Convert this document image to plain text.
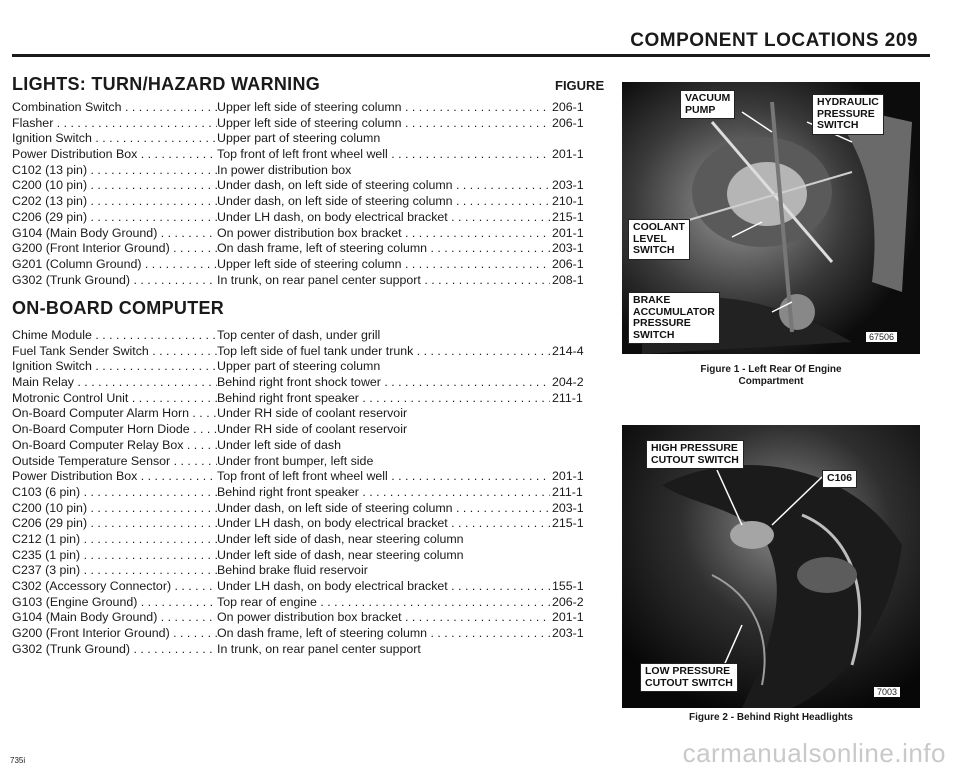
COMPONENT LOCATIONS 209
LIGHTS: TURN/HAZARD WARNING	FIGURE
Combination Switch . . .	Upper left side of steering column . . .	206-1
Flasher . . .	Upper left side of steering column . . .	206-1
Ignition Switch . . .	Upper part of steering column
Power Distribution Box . . .	Top front of left front wheel well . . .	201-1
C102 (13 pin) . . .	In power distribution box
C200 (10 pin) . . .	Under dash, on left side of steering column . . .	203-1
C202 (13 pin) . . .	Under dash, on left side of steering column . . .	210-1
C206 (29 pin) . . .	Under LH dash, on body electrical bracket . . .	215-1
G104 (Main Body Ground) . . .	On power distribution box bracket . . .	201-1
G200 (Front Interior Ground) . . .	On dash frame, left of steering column . . .	203-1
G201 (Column Ground) . . .	Upper left side of steering column . . .	206-1
G302 (Trunk Ground) . . .	In trunk, on rear panel center support . . .	208-1
ON-BOARD COMPUTER
Chime Module . . .	Top center of dash, under grill
Fuel Tank Sender Switch . . .	Top left side of fuel tank under trunk . . .	214-4
Ignition Switch . . .	Upper part of steering column
Main Relay . . .	Behind right front shock tower . . .	204-2
Motronic Control Unit . . .	Behind right front speaker . . .	211-1
On-Board Computer Alarm Horn . . .	Under RH side of coolant reservoir
On-Board Computer Horn Diode . . .	Under RH side of coolant reservoir
On-Board Computer Relay Box . . .	Under left side of dash
Outside Temperature Sensor . . .	Under front bumper, left side
Power Distribution Box . . .	Top front of left front wheel well . . .	201-1
C103 (6 pin) . . .	Behind right front speaker . . .	211-1
C200 (10 pin) . . .	Under dash, on left side of steering column . . .	203-1
C206 (29 pin) . . .	Under LH dash, on body electrical bracket . . .	215-1
C212 (1 pin) . . .	Under left side of dash, near steering column
C235 (1 pin) . . .	Under left side of dash, near steering column
C237 (3 pin) . . .	Behind brake fluid reservoir
C302 (Accessory Connector) . . .	Under LH dash, on body electrical bracket . . .	155-1
G103 (Engine Ground) . . .	Top rear of engine . . .	206-2
G104 (Main Body Ground) . . .	On power distribution box bracket . . .	201-1
G200 (Front Interior Ground) . . .	On dash frame, left of steering column . . .	203-1
G302 (Trunk Ground) . . .	In trunk, on rear panel center support
VACUUM
PUMP
HYDRAULIC
PRESSURE
SWITCH
COOLANT
LEVEL
SWITCH
BRAKE
ACCUMULATOR
PRESSURE
SWITCH	67506
Figure 1 - Left Rear Of Engine
Compartment
HIGH PRESSURE
CUTOUT SWITCH
C106
LOW PRESSURE
CUTOUT SWITCH
7003
Figure 2 - Behind Right Headlights
735i	carmanualsonline.info
